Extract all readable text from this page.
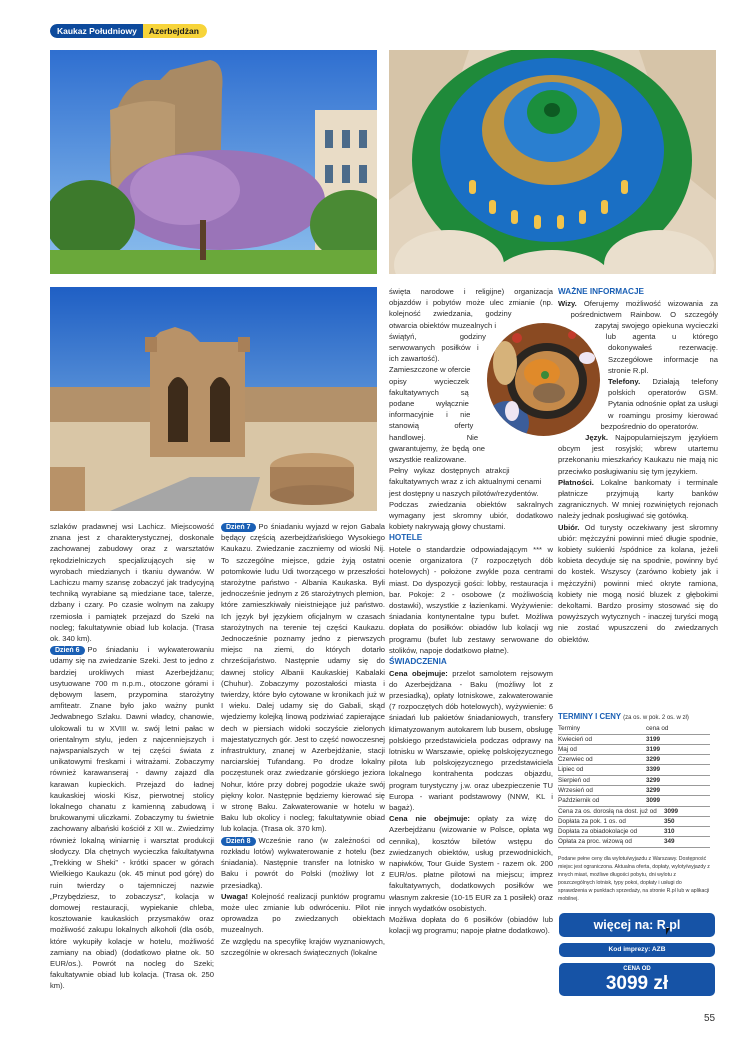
Kaukaz Południowy	Azerbejdżan

szlaków pradawnej wsi Lachicz. Miejscowość znana jest z charakterystycznej, doskonale zachowanej zabudowy oraz z warsztatów rękodzielniczych specjalizujących się w wyrobach miedzianych i tkaniu dywanów. W Lachiczu mamy szansę zobaczyć jak tradycyjną techniką wyrabiane są miedziane tace, talerze, dzbany i czary. Po czasie wolnym na zakupy rzemiosła i pamiątek przejazd do Szeki na nocleg; fakultatywnie obiad lub kolacja. (Trasa ok. 340 km).

Dzień 6 Po śniadaniu i wykwaterowaniu udamy się na zwiedzanie Szeki. Jest to jedno z bardziej urokliwych miast Azerbejdżanu; usytuowane 700 m n.p.m., otoczone górami i dębowym lasem, przypomina starożytny amfiteatr. Znane było jako ważny punkt Jedwabnego Szlaku. Dawni władcy, chanowie, ulokowali tu w XVIII w. swój letni pałac w orientalnym stylu, jeden z najcenniejszych i najwspanialszych w tej części świata z unikatowymi freskami i witrażami. Zobaczymy również karawanseraj - dawny zajazd dla karawan kupieckich. Przejazd do ładnej kaukaskiej wioski Kisz, pierwotnej stolicy lokalnego chanatu z kamienną zabudową i brukowanymi uliczkami. Zobaczymy tu świetnie zachowany albański kościół z XII w.. Zwiedzimy również lokalną winiarnię i warsztat produkcji słodyczy. Dla chętnych wycieczka fakultatywna „Trekking w Sheki” - krótki spacer w górach Wielkiego Kaukazu (ok. 45 minut pod górę) do ruin twierdzy o tajemniczej nazwie „Przybędziesz, to zobaczysz”, kolacja w domowej restauracji, wypiekanie chleba, kosztowanie kaukaskich przysmaków oraz możliwość zakupu lokalnych alkoholi (dla osób, które wykupiły kolacje w hotelu, możliwość zamiany na obiad) (dodatkowo płatne ok. 50 EUR/os.). Powrót na nocleg do Szeki; fakultatywnie obiad lub kolacja. (Trasa ok. 250 km).

Dzień 7 Po śniadaniu wyjazd w rejon Gabala będący częścią azerbejdżańskiego Wysokiego Kaukazu. Zwiedzanie zaczniemy od wioski Nij. To szczególne miejsce, gdzie żyją ostatni potomkowie ludu Udi tworzącego w przeszłości starożytne państwo - Albania Kaukaska. Byli jednocześnie jednym z 26 starożytnych plemion, które zamieszkiwały nieistniejące już państwo. Ich język był językiem oficjalnym w czasach starożytnych na terenie tej części Kaukazu. Jednocześnie poznamy jedno z pierwszych miejsc na ziemi, do których dotarło chrześcijaństwo. Następnie udamy się do dawnej stolicy Albanii Kaukaskiej Kabalaki (Chuhur). Zobaczymy pozostałości miasta i twierdzy, które było cytowane w kronikach już w I wieku. Dalej udamy się do Gabali, skąd wjedziemy kolejką linową podziwiać zapierające dech w piersiach widoki soczyście zielonych majestatycznych gór. Jest to część nowoczesnej infrastruktury, znanej w Azerbejdżanie, stacji narciarskiej Tufandang. Po drodze lokalny poczęstunek oraz zwiedzanie górskiego jeziora Nohur, które przy dobrej pogodzie ukaże swój piękny kolor. Następnie będziemy kierować się w stronę Baku. Zakwaterowanie w hotelu w Baku lub okolicy i nocleg; fakultatywnie obiad lub kolacja. (Trasa ok. 370 km).

Dzień 8 Wcześnie rano (w zależności od rozkładu lotów) wykwaterowanie z hotelu (bez śniadania). Następnie transfer na lotnisko w Baku i powrót do Polski (możliwy lot z przesiadką).

Uwaga! Kolejność realizacji punktów programu może ulec zmianie lub odwróceniu. Pilot nie oprowadza po zwiedzanych obiektach muzealnych.

Ze względu na specyfikę krajów wyznaniowych, szczególnie w okresach świątecznych (lokalne

święta narodowe i religijne) organizacja objazdów i pobytów może ulec zmianie (np. kolejność zwiedzania, godziny otwarcia obiektów muzealnych i świątyń, godziny serwowanych posiłków i ich zawartość).

Zamieszczone w ofercie opisy wycieczek fakultatywnych są podane wyłącznie informacyjnie i nie stanowią oferty handlowej. Nie gwarantujemy, że będą one wszystkie realizowane.

Pełny wykaz dostępnych atrakcji fakultatywnych wraz z ich aktualnymi cenami jest dostępny u naszych pilotów/rezydentów.

Podczas zwiedzania obiektów sakralnych wymagany jest skromny ubiór, dodatkowo kobiety nakrywają głowy chustami.

HOTELE

Hotele o standardzie odpowiadającym *** w ocenie organizatora (7 rozpoczętych dób hotelowych) - położone zwykle poza centrami miast. Do dyspozycji gości: lobby, restauracja i bar. Pokoje: 2 - osobowe (z możliwością dostawki), wszystkie z łazienkami. Wyżywienie: śniadania kontynentalne typu bufet. Możliwa dopłata do posiłków: obiadów lub kolacji wg programu (bufet lub zestawy serwowane do stolików, napoje dodatkowo płatne).

ŚWIADCZENIA

Cena obejmuje: przelot samolotem rejsowym do Azerbejdżana - Baku (możliwy lot z przesiadką), opłaty lotniskowe, zakwaterowanie (7 rozpoczętych dób hotelowych), wyżywienie: 6 śniadań lub pakietów śniadaniowych, transfery klimatyzowanym autokarem lub busem, obsługę polskiego przedstawiciela podczas odprawy na lotnisku w Warszawie, opiekę polskojęzycznego pilota lub polskojęzycznego przedstawiciela lokalnego kontrahenta podczas objazdu, program turystyczny j.w. oraz ubezpieczenie TU Europa - wariant podstawowy (NNW, KL i bagaż).

Cena nie obejmuje: opłaty za wizę do Azerbejdżanu (wizowanie w Polsce, opłata wg cennika), kosztów biletów wstępu do zwiedzanych obiektów, usług przewodnickich, napiwków, Tour Guide System - razem ok. 200 EUR/os. płatne pilotowi na miejscu; imprez fakultatywnych, dodatkowych posiłków we własnym zakresie (10-15 EUR za 1 posiłek) oraz innych wydatków osobistych.

Możliwa dopłata do 6 posiłków (obiadów lub kolacji wg programu; napoje płatne dodatkowo).

WAŻNE INFORMACJE

Wizy. Oferujemy możliwość wizowania za pośrednictwem Rainbow. O szczegóły zapytaj swojego opiekuna wycieczki lub agenta u którego dokonywałeś rezerwację. Szczegółowe informacje na stronie R.pl.

Telefony. Działają telefony polskich operatorów GSM. Pytania odnośnie opłat za usługi w roamingu prosimy kierować bezpośrednio do operatorów.

Język. Najpopularniejszym językiem obcym jest rosyjski; wbrew utartemu przekonaniu mieszkańcy Kaukazu nie mają nic przeciwko posługiwaniu się tym językiem.

Płatności. Lokalne bankomaty i terminale płatnicze przyjmują karty banków zagranicznych. W mniej rozwiniętych rejonach należy jednak posługiwać się gotówką.

Ubiór. Od turysty oczekiwany jest skromny ubiór: mężczyźni powinni mieć długie spodnie, kobiety sukienki /spódnice za kolana, jeżeli kobieta decyduje się na spodnie, powinny być do kostek. Wszyscy (zarówno kobiety jak i mężczyźni) powinni mieć okryte ramiona, kobiety nie mogą nosić bluzek z głębokimi dekoltami. Bardzo prosimy stosować się do powyższych wytycznych - inaczej turyści mogą nie zostać wpuszczeni do zwiedzanych obiektów.

TERMINY I CENY (za os. w pok. 2 os. w zł)
Terminy	cena od
Kwiecień od	3199
Maj od	3199
Czerwiec od	3299
Lipiec od	3399
Sierpień od	3299
Wrzesień od	3299
Październik od	3099
Cena za os. dorosłą na dost. już od	3099
Dopłata za pok. 1 os. od	350
Dopłata za obiadokolacje od	310
Opłata za proc. wizową od	349
Podane pełne ceny dla wylotu/wyjazdu z Warszawy. Dostępność miejsc jest ograniczona. Aktualna oferta, dopłaty, wyloty/wyjazdy z innych miast, możliwe długości pobytu, dni wylotu z poszczególnych lotnisk, typy pokoi, dopłaty i usługi do sprawdzenia w punktach sprzedaży, na stronie R.pl lub w aplikacji mobilnej.
więcej na: R.pl
Kod imprezy: AZB
CENA OD
3099 zł
55
